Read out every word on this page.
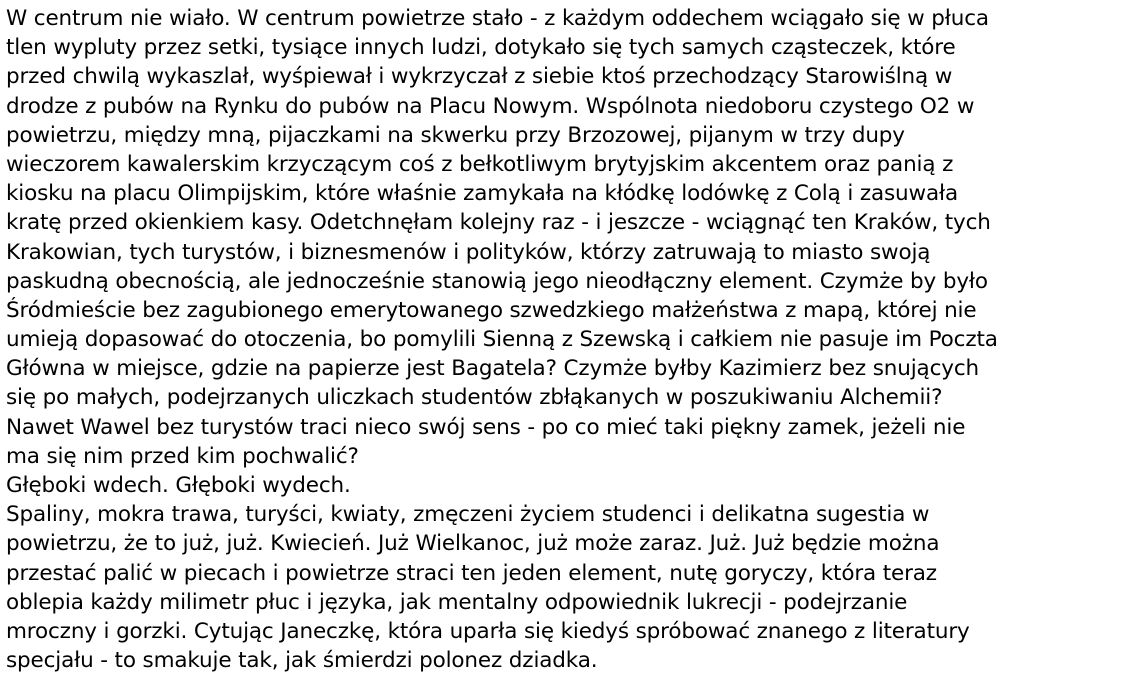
W centrum nie wiało. W centrum powietrze stało - z każdym oddechem wciągało się w płuca
tlen wypluty przez setki, tysiące innych ludzi, dotykało się tych samych cząsteczek, które
przed chwilą wykaszlał, wyśpiewał i wykrzyczał z siebie ktoś przechodzący Starowiślną w
drodze z pubów na Rynku do pubów na Placu Nowym. Wspólnota niedoboru czystego O2 w
powietrzu, między mną, pijaczkami na skwerku przy Brzozowej, pijanym w trzy dupy
wieczorem kawalerskim krzyczącym coś z bełkotliwym brytyjskim akcentem oraz panią z
kiosku na placu Olimpijskim, które właśnie zamykała na kłódkę lodówkę z Colą i zasuwała
kratę przed okienkiem kasy. Odetchnęłam kolejny raz - i jeszcze - wciągnąć ten Kraków, tych
Krakowian, tych turystów, i biznesmenów i polityków, którzy zatruwają to miasto swoją
paskudną obecnością, ale jednocześnie stanowią jego nieodłączny element. Czymże by było
Śródmieście bez zagubionego emerytowanego szwedzkiego małżeństwa z mapą, której nie
umieją dopasować do otoczenia, bo pomylili Sienną z Szewską i całkiem nie pasuje im Poczta
Główna w miejsce, gdzie na papierze jest Bagatela? Czymże byłby Kazimierz bez snujących
się po małych, podejrzanych uliczkach studentów zbłąkanych w poszukiwaniu Alchemii?
Nawet Wawel bez turystów traci nieco swój sens - po co mieć taki piękny zamek, jeżeli nie
ma się nim przed kim pochwalić?
Głęboki wdech. Głęboki wydech.
Spaliny, mokra trawa, turyści, kwiaty, zmęczeni życiem studenci i delikatna sugestia w
powietrzu, że to już, już. Kwiecień. Już Wielkanoc, już może zaraz. Już. Już będzie można
przestać palić w piecach i powietrze straci ten jeden element, nutę goryczy, która teraz
oblepia każdy milimetr płuc i języka, jak mentalny odpowiednik lukrecji - podejrzanie
mroczny i gorzki. Cytując Janeczkę, która uparła się kiedyś spróbować znanego z literatury
specjału - to smakuje tak, jak śmierdzi polonez dziadka.
